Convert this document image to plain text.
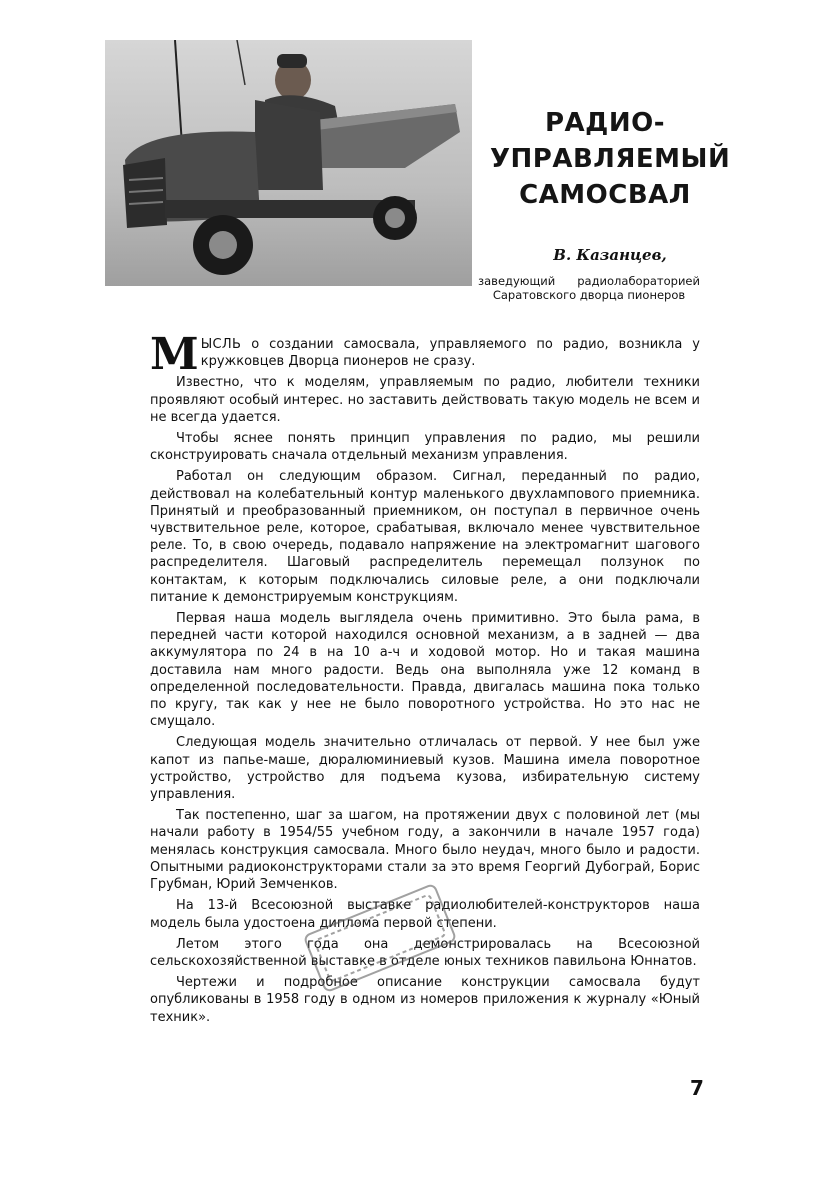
РАДИО-
УПРАВЛЯЕМЫЙ
САМОСВАЛ
В. Казанцев,
заведующий радиолабораторией Саратовского дворца пионеров

МЫСЛЬ о создании самосвала, управляемого по радио, возникла у кружковцев Дворца пионеров не сразу.

Известно, что к моделям, управляемым по радио, любители техники проявляют особый интерес. но заставить действовать такую модель не всем и не всегда удается.

Чтобы яснее понять принцип управления по радио, мы решили сконструировать сначала отдельный механизм управления.

Работал он следующим образом. Сигнал, переданный по радио, действовал на колебательный контур маленького двухлампового приемника. Принятый и преобразованный приемником, он поступал в первичное очень чувствительное реле, которое, срабатывая, включало менее чувствительное реле. То, в свою очередь, подавало напряжение на электромагнит шагового распределителя. Шаговый распределитель перемещал ползунок по контактам, к которым подключались силовые реле, а они подключали питание к демонстрируемым конструкциям.

Первая наша модель выглядела очень примитивно. Это была рама, в передней части которой находился основной механизм, а в задней — два аккумулятора по 24 в на 10 а-ч и ходовой мотор. Но и такая машина доставила нам много радости. Ведь она выполняла уже 12 команд в определенной последовательности. Правда, двигалась машина пока только по кругу, так как у нее не было поворотного устройства. Но это нас не смущало.

Следующая модель значительно отличалась от первой. У нее был уже капот из папье-маше, дюралюминиевый кузов. Машина имела поворотное устройство, устройство для подъема кузова, избирательную систему управления.

Так постепенно, шаг за шагом, на протяжении двух с половиной лет (мы начали работу в 1954/55 учебном году, а закончили в начале 1957 года) менялась конструкция самосвала. Много было неудач, много было и радости. Опытными радиоконструкторами стали за это время Георгий Дубограй, Борис Грубман, Юрий Земченков.

На 13-й Всесоюзной выставке радиолюбителей-конструкторов наша модель была удостоена диплома первой степени.

Летом этого года она демонстрировалась на Всесоюзной сельскохозяйственной выставке в отделе юных техников павильона Юннатов.

Чертежи и подробное описание конструкции самосвала будут опубликованы в 1958 году в одном из номеров приложения к журналу «Юный техник».

7
